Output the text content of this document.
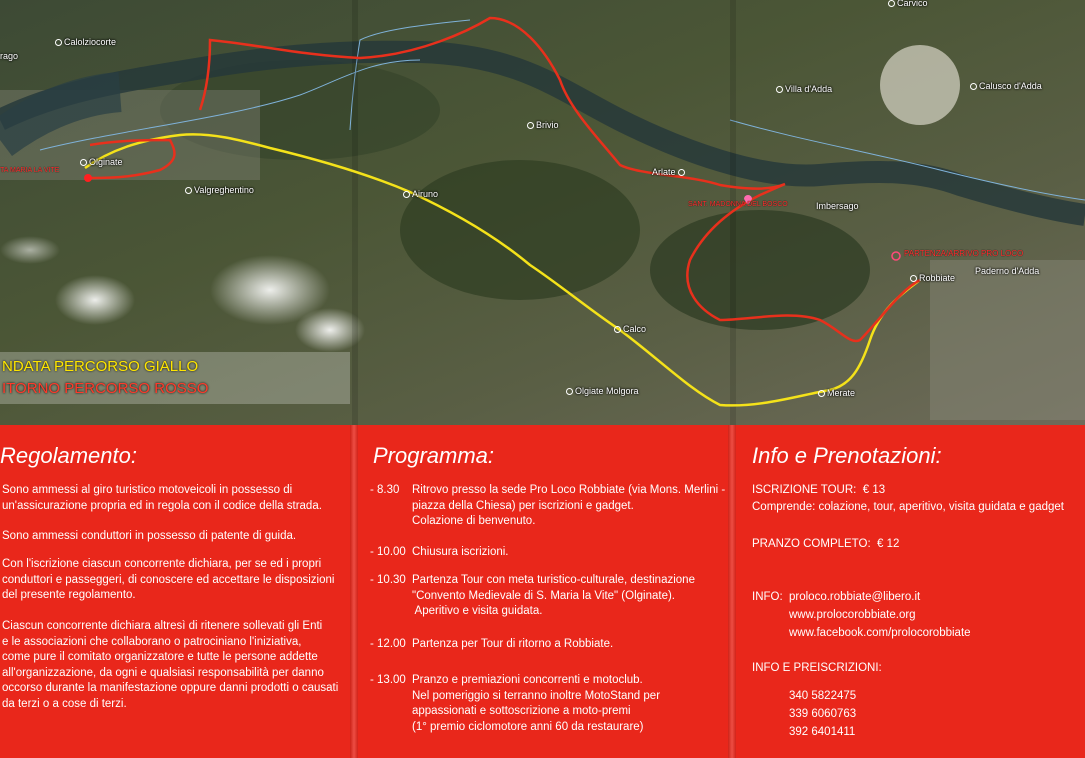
Calolziocorte
rago
Olginate
Valgreghentino	Airuno
Brivio
Arlate
Villa d'Adda
Carvico
Calusco d'Adda
Imbersago
Robbiate
Paderno d'Adda
Calco
Olgiate Molgora	Merate
TA MARIA LA VITE
SANT. MADONNA DEL BOSCO
PARTENZA/ARRIVO PRO LOCO
NDATA PERCORSO GIALLO
ITORNO PERCORSO ROSSO
Regolamento:
Sono ammessi al giro turistico motoveicoli in possesso di
un'assicurazione propria ed in regola con il codice della strada.
Sono ammessi conduttori in possesso di patente di guida.
Con l'iscrizione ciascun concorrente dichiara, per se ed i propri
conduttori e passeggeri, di conoscere ed accettare le disposizioni
del presente regolamento.
Ciascun concorrente dichiara altresì di ritenere sollevati gli Enti
e le associazioni che collaborano o patrociniano l'iniziativa,
come pure il comitato organizzatore e tutte le persone addette
all'organizzazione, da ogni e qualsiasi responsabilità per danno
occorso durante la manifestazione oppure danni prodotti o causati
da terzi o a cose di terzi.
Programma:
- 8.30 Ritrovo presso la sede Pro Loco Robbiate (via Mons. Merlini -
piazza della Chiesa) per iscrizioni e gadget.
Colazione di benvenuto.
- 10.00 Chiusura iscrizioni.
- 10.30 Partenza Tour con meta turistico-culturale, destinazione
"Convento Medievale di S. Maria la Vite" (Olginate).
Aperitivo e visita guidata.
- 12.00 Partenza per Tour di ritorno a Robbiate.
- 13.00 Pranzo e premiazioni concorrenti e motoclub.
Nel pomeriggio si terranno inoltre MotoStand per
appassionati e sottoscrizione a moto-premi
(1° premio ciclomotore anni 60 da restaurare)
Info e Prenotazioni:
ISCRIZIONE TOUR:  € 13
Comprende: colazione, tour, aperitivo, visita guidata e gadget
PRANZO COMPLETO:  € 12
INFO: proloco.robbiate@libero.it
www.prolocorobbiate.org
www.facebook.com/prolocorobbiate
INFO E PREISCRIZIONI:
340 5822475
339 6060763
392 6401411
